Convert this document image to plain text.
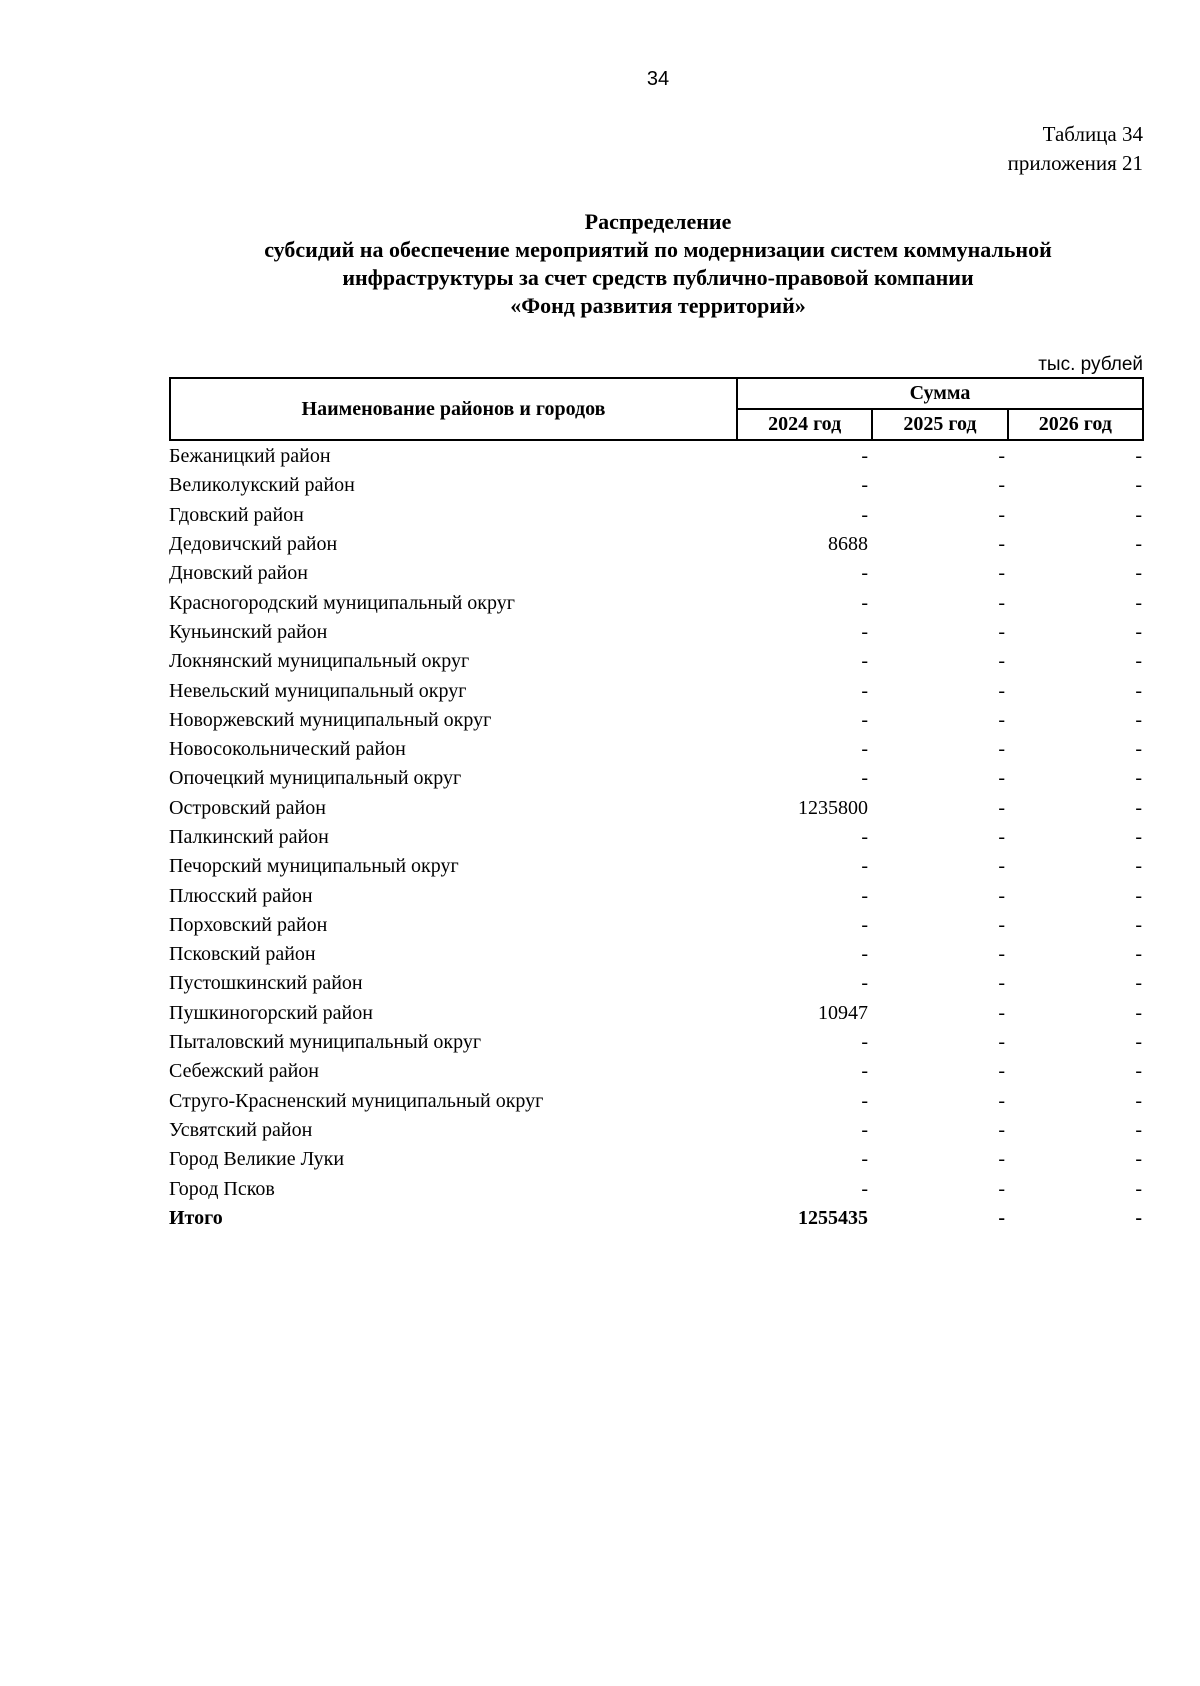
34
Таблица 34
приложения 21
Распределение
субсидий на обеспечение мероприятий по модернизации систем коммунальной
инфраструктуры за счет средств публично-правовой компании
«Фонд развития территорий»
тыс. рублей
Наименование районов и городов	Сумма		
	2024 год	2025 год	2026 год
Бежаницкий район	-	-	-
Великолукский район	-	-	-
Гдовский район	-	-	-
Дедовичский район	8688	-	-
Дновский район	-	-	-
Красногородский муниципальный округ	-	-	-
Куньинский район	-	-	-
Локнянский муниципальный округ	-	-	-
Невельский муниципальный округ	-	-	-
Новоржевский муниципальный округ	-	-	-
Новосокольнический район	-	-	-
Опочецкий муниципальный округ	-	-	-
Островский район	1235800	-	-
Палкинский район	-	-	-
Печорский муниципальный округ	-	-	-
Плюсский район	-	-	-
Порховский район	-	-	-
Псковский район	-	-	-
Пустошкинский район	-	-	-
Пушкиногорский район	10947	-	-
Пыталовский муниципальный округ	-	-	-
Себежский район	-	-	-
Струго-Красненский муниципальный округ	-	-	-
Усвятский район	-	-	-
Город Великие Луки	-	-	-
Город Псков	-	-	-
Итого	1255435	-	-
